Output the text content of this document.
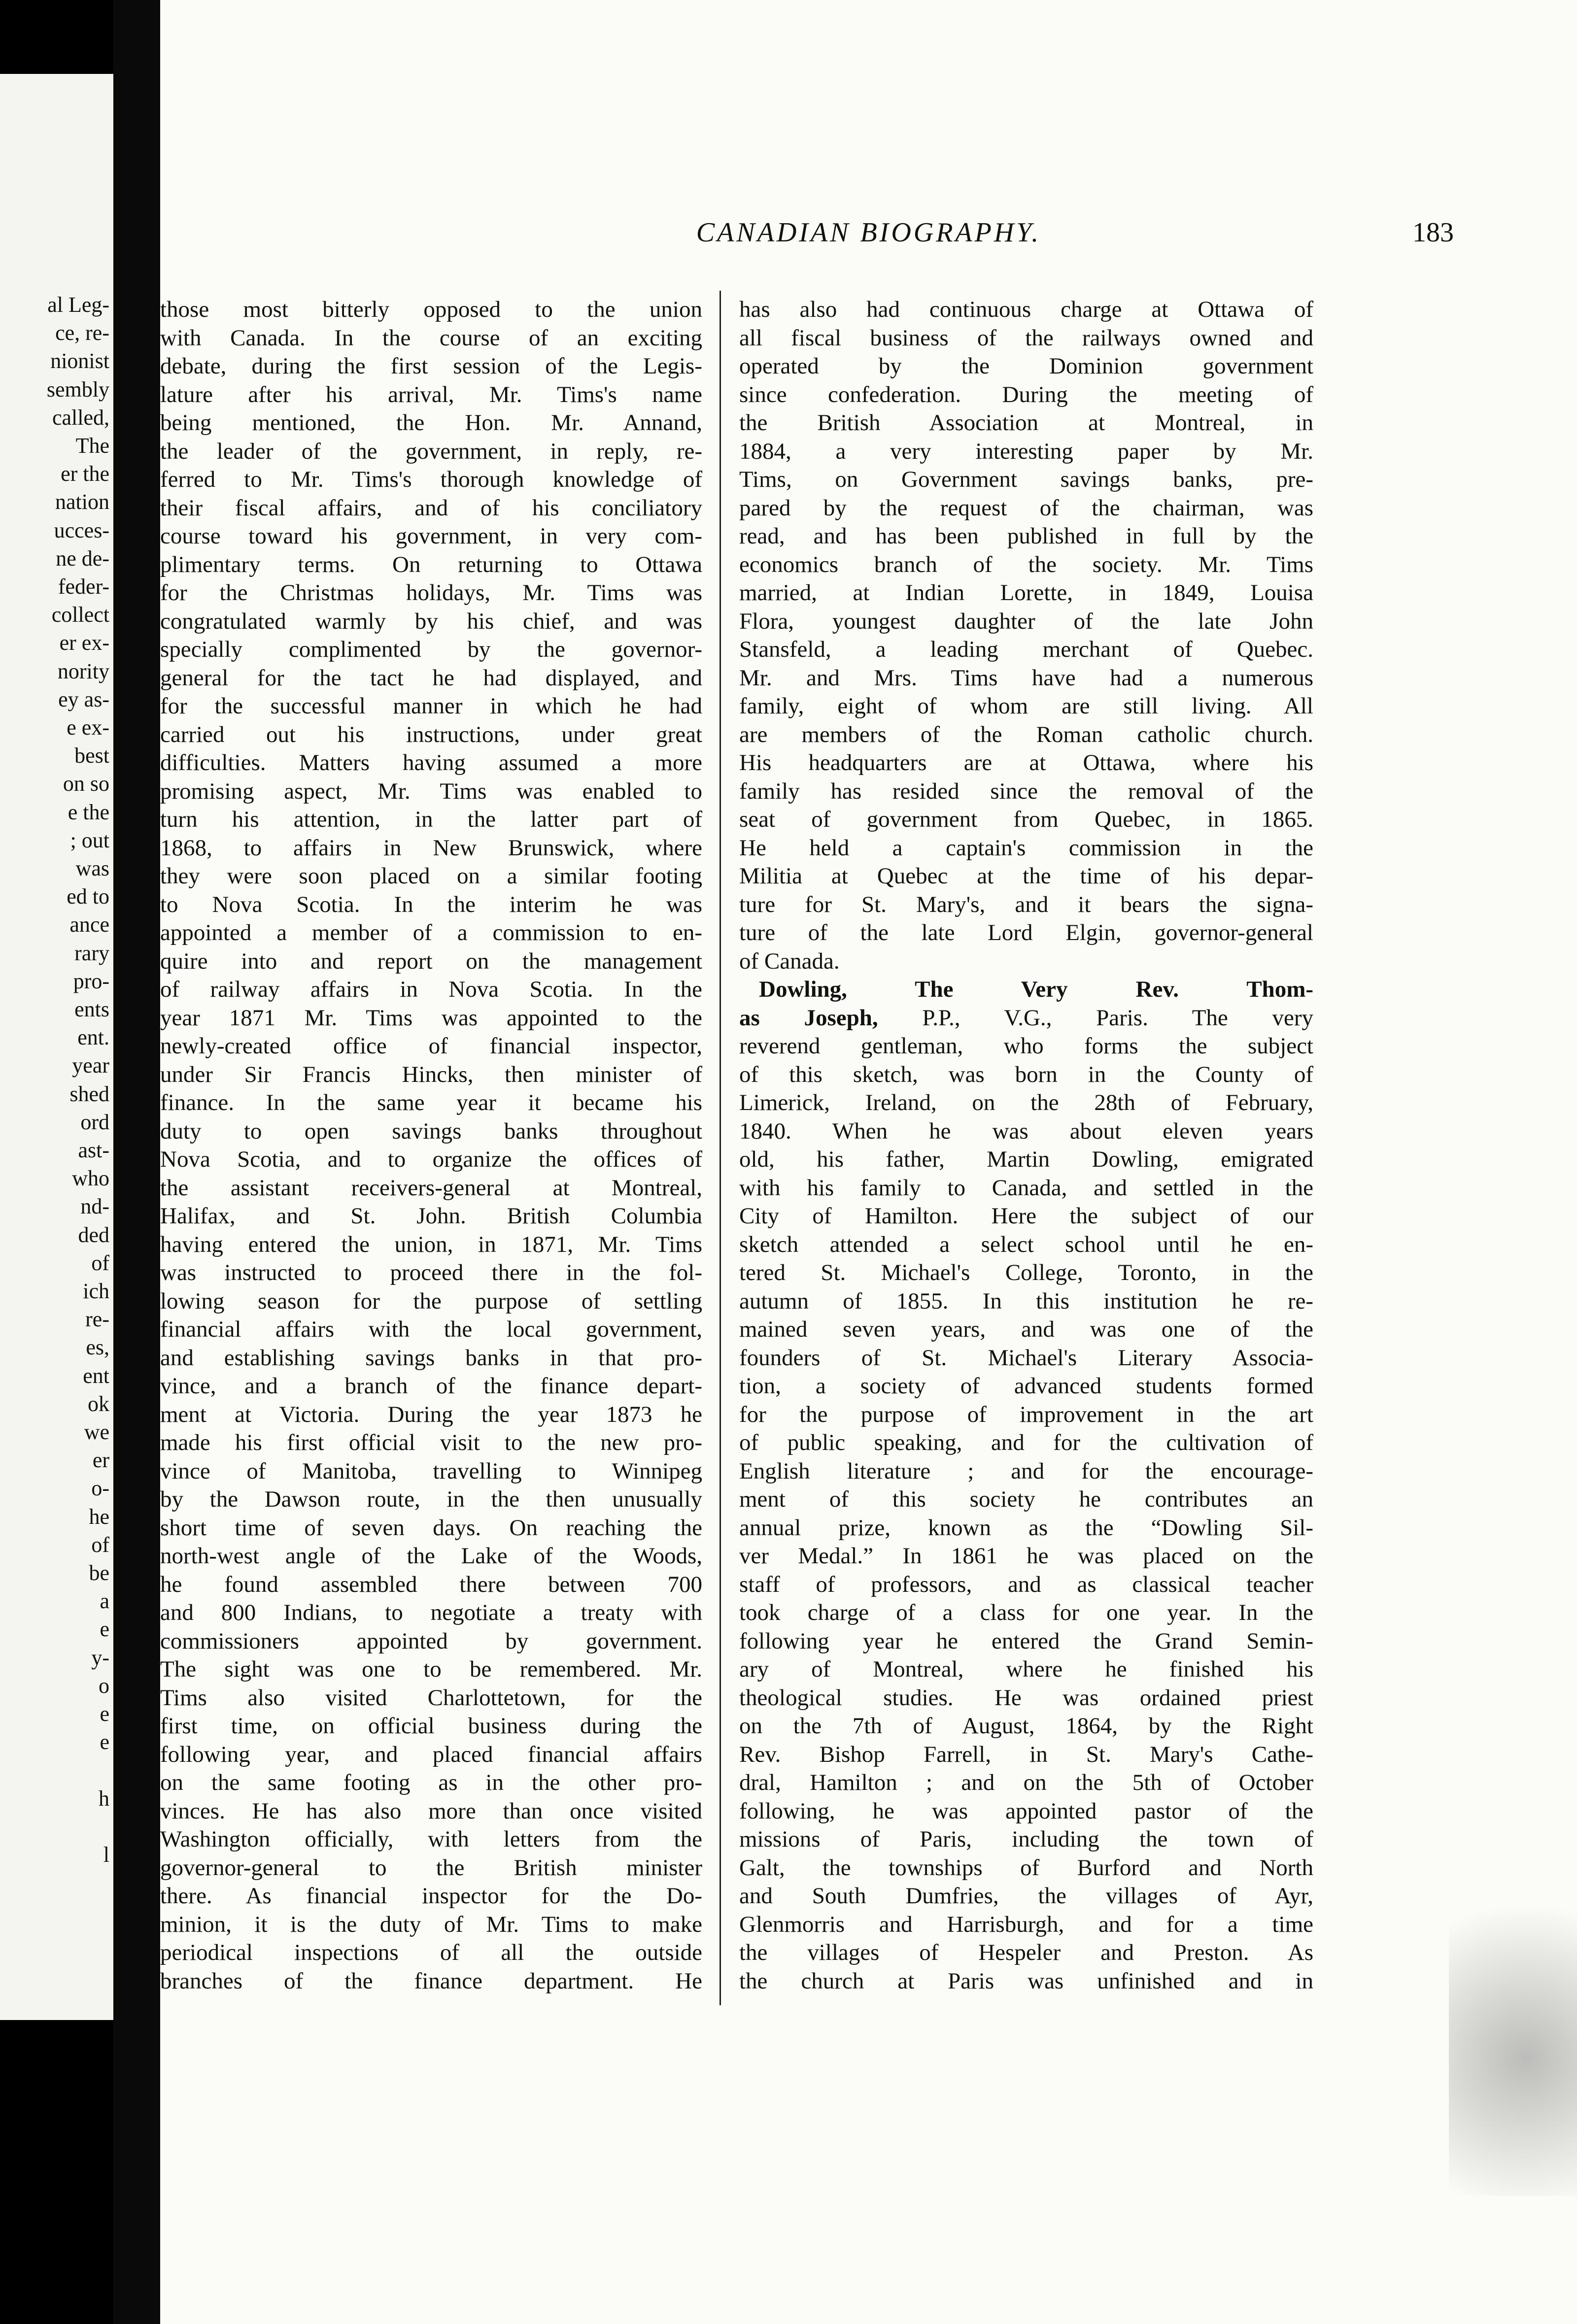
al Leg-
ce, re-
nionist
sembly
called,
The
er the
nation
ucces-
ne de-
feder-
collect
er ex-
nority
ey as-
e ex-
best
on so
e the
; out
was
ed to
ance
rary
pro-
ents
ent.
year
shed
ord
ast-
who
nd-
ded
of
ich
re-
es,
ent
ok
we
er
o-
he
of
be
a
e
y-
o
e
e
h
l
CANADIAN BIOGRAPHY.	183
those most bitterly opposed to the union
with Canada. In the course of an exciting
debate, during the first session of the Legis-
lature after his arrival, Mr. Tims's name
being mentioned, the Hon. Mr. Annand,
the leader of the government, in reply, re-
ferred to Mr. Tims's thorough knowledge of
their fiscal affairs, and of his conciliatory
course toward his government, in very com-
plimentary terms. On returning to Ottawa
for the Christmas holidays, Mr. Tims was
congratulated warmly by his chief, and was
specially complimented by the governor-
general for the tact he had displayed, and
for the successful manner in which he had
carried out his instructions, under great
difficulties. Matters having assumed a more
promising aspect, Mr. Tims was enabled to
turn his attention, in the latter part of
1868, to affairs in New Brunswick, where
they were soon placed on a similar footing
to Nova Scotia. In the interim he was
appointed a member of a commission to en-
quire into and report on the management
of railway affairs in Nova Scotia. In the
year 1871 Mr. Tims was appointed to the
newly-created office of financial inspector,
under Sir Francis Hincks, then minister of
finance. In the same year it became his
duty to open savings banks throughout
Nova Scotia, and to organize the offices of
the assistant receivers-general at Montreal,
Halifax, and St. John. British Columbia
having entered the union, in 1871, Mr. Tims
was instructed to proceed there in the fol-
lowing season for the purpose of settling
financial affairs with the local government,
and establishing savings banks in that pro-
vince, and a branch of the finance depart-
ment at Victoria. During the year 1873 he
made his first official visit to the new pro-
vince of Manitoba, travelling to Winnipeg
by the Dawson route, in the then unusually
short time of seven days. On reaching the
north-west angle of the Lake of the Woods,
he found assembled there between 700
and 800 Indians, to negotiate a treaty with
commissioners appointed by government.
The sight was one to be remembered. Mr.
Tims also visited Charlottetown, for the
first time, on official business during the
following year, and placed financial affairs
on the same footing as in the other pro-
vinces. He has also more than once visited
Washington officially, with letters from the
governor-general to the British minister
there. As financial inspector for the Do-
minion, it is the duty of Mr. Tims to make
periodical inspections of all the outside
branches of the finance department. He
has also had continuous charge at Ottawa of
all fiscal business of the railways owned and
operated by the Dominion government
since confederation. During the meeting of
the British Association at Montreal, in
1884, a very interesting paper by Mr.
Tims, on Government savings banks, pre-
pared by the request of the chairman, was
read, and has been published in full by the
economics branch of the society. Mr. Tims
married, at Indian Lorette, in 1849, Louisa
Flora, youngest daughter of the late John
Stansfeld, a leading merchant of Quebec.
Mr. and Mrs. Tims have had a numerous
family, eight of whom are still living. All
are members of the Roman catholic church.
His headquarters are at Ottawa, where his
family has resided since the removal of the
seat of government from Quebec, in 1865.
He held a captain's commission in the
Militia at Quebec at the time of his depar-
ture for St. Mary's, and it bears the signa-
ture of the late Lord Elgin, governor-general
of Canada.
Dowling, The Very Rev. Thom-
as Joseph, P.P., V.G., Paris. The very
reverend gentleman, who forms the subject
of this sketch, was born in the County of
Limerick, Ireland, on the 28th of February,
1840. When he was about eleven years
old, his father, Martin Dowling, emigrated
with his family to Canada, and settled in the
City of Hamilton. Here the subject of our
sketch attended a select school until he en-
tered St. Michael's College, Toronto, in the
autumn of 1855. In this institution he re-
mained seven years, and was one of the
founders of St. Michael's Literary Associa-
tion, a society of advanced students formed
for the purpose of improvement in the art
of public speaking, and for the cultivation of
English literature ; and for the encourage-
ment of this society he contributes an
annual prize, known as the “Dowling Sil-
ver Medal.” In 1861 he was placed on the
staff of professors, and as classical teacher
took charge of a class for one year. In the
following year he entered the Grand Semin-
ary of Montreal, where he finished his
theological studies. He was ordained priest
on the 7th of August, 1864, by the Right
Rev. Bishop Farrell, in St. Mary's Cathe-
dral, Hamilton ; and on the 5th of October
following, he was appointed pastor of the
missions of Paris, including the town of
Galt, the townships of Burford and North
and South Dumfries, the villages of Ayr,
Glenmorris and Harrisburgh, and for a time
the villages of Hespeler and Preston. As
the church at Paris was unfinished and in
